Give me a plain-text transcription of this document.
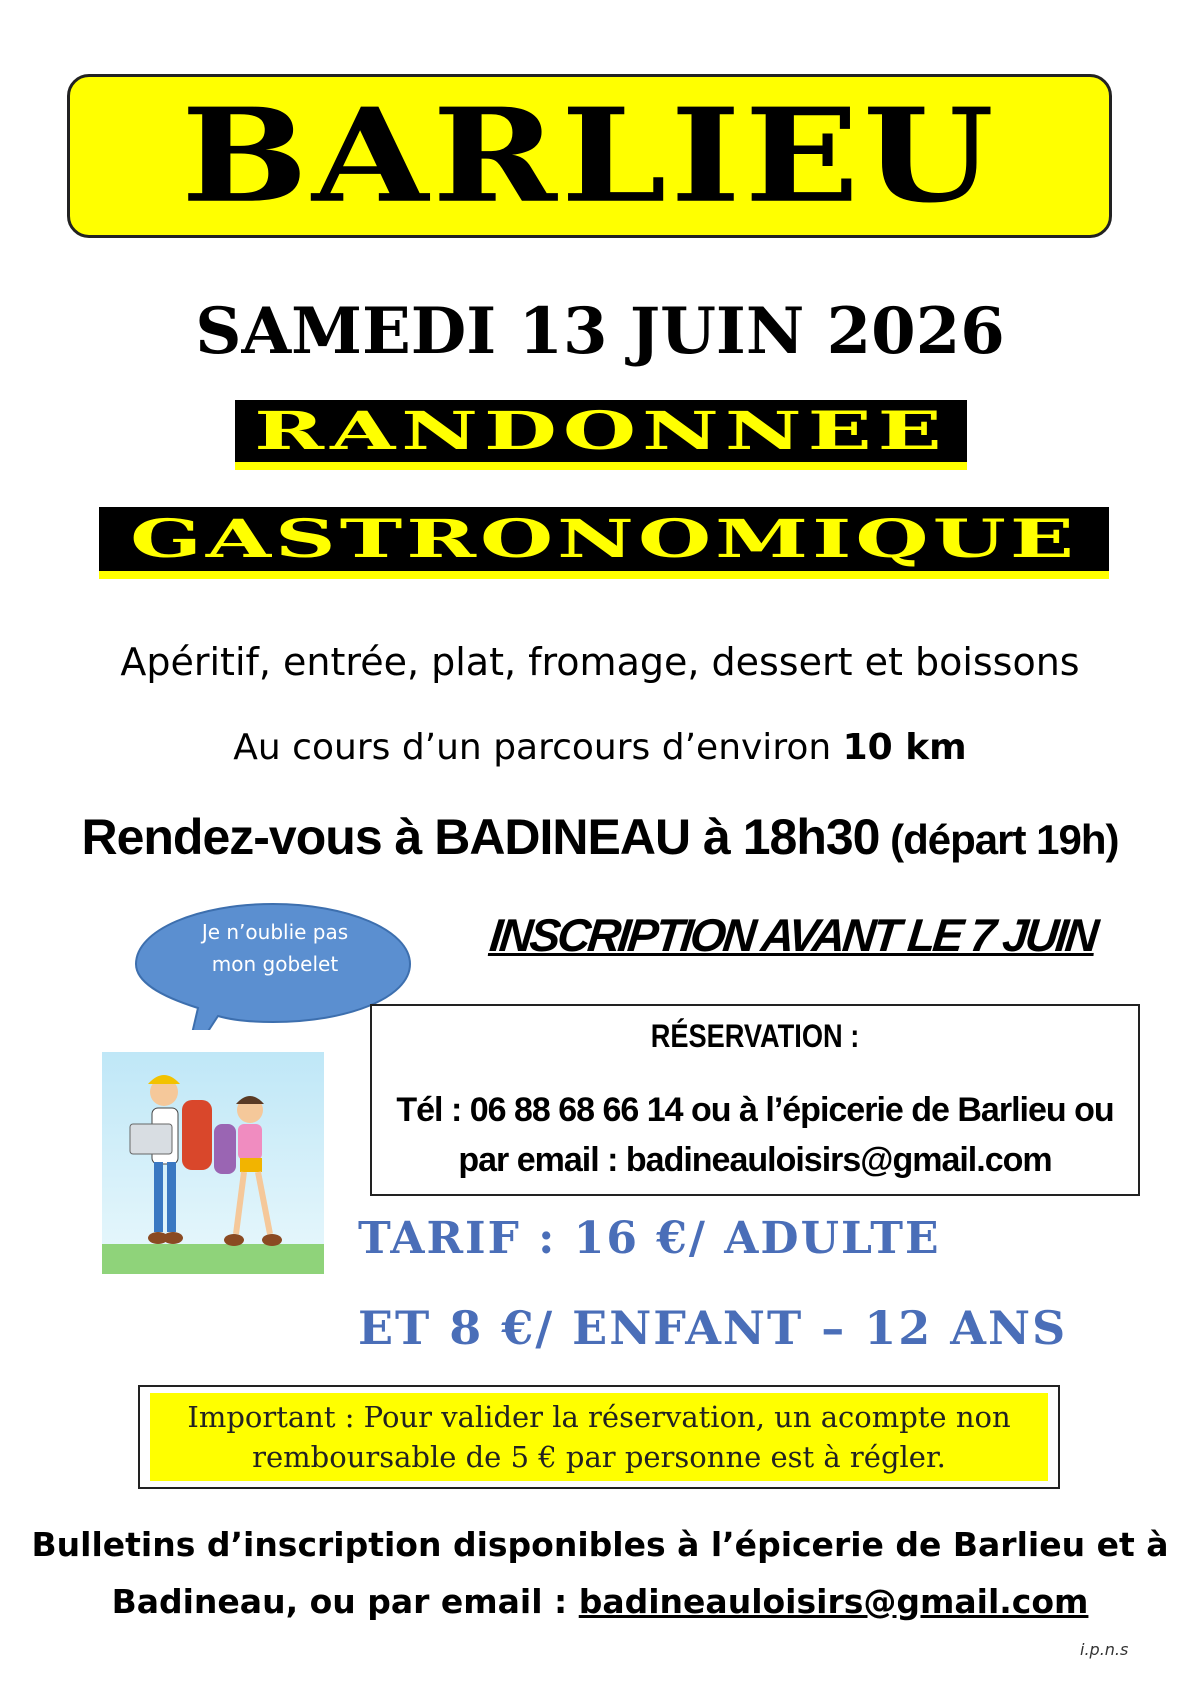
BARLIEU
SAMEDI 13 JUIN 2026
RANDONNEE
GASTRONOMIQUE
Apéritif, entrée, plat, fromage, dessert et boissons
Au cours d’un parcours d’environ 10 km
Rendez-vous à BADINEAU à 18h30 (départ 19h)
Je n’oublie pas
mon gobelet
INSCRIPTION AVANT LE 7 JUIN
RÉSERVATION :
Tél : 06 88 68 66 14 ou à l’épicerie de Barlieu ou
par email : badineauloisirs@gmail.com
TARIF : 16 €/ ADULTE
ET 8 €/ ENFANT – 12 ANS
Important : Pour valider la réservation, un acompte non
remboursable de 5 € par personne est à régler.
Bulletins d’inscription disponibles à l’épicerie de Barlieu et à
Badineau, ou par email : badineauloisirs@gmail.com
i.p.n.s
